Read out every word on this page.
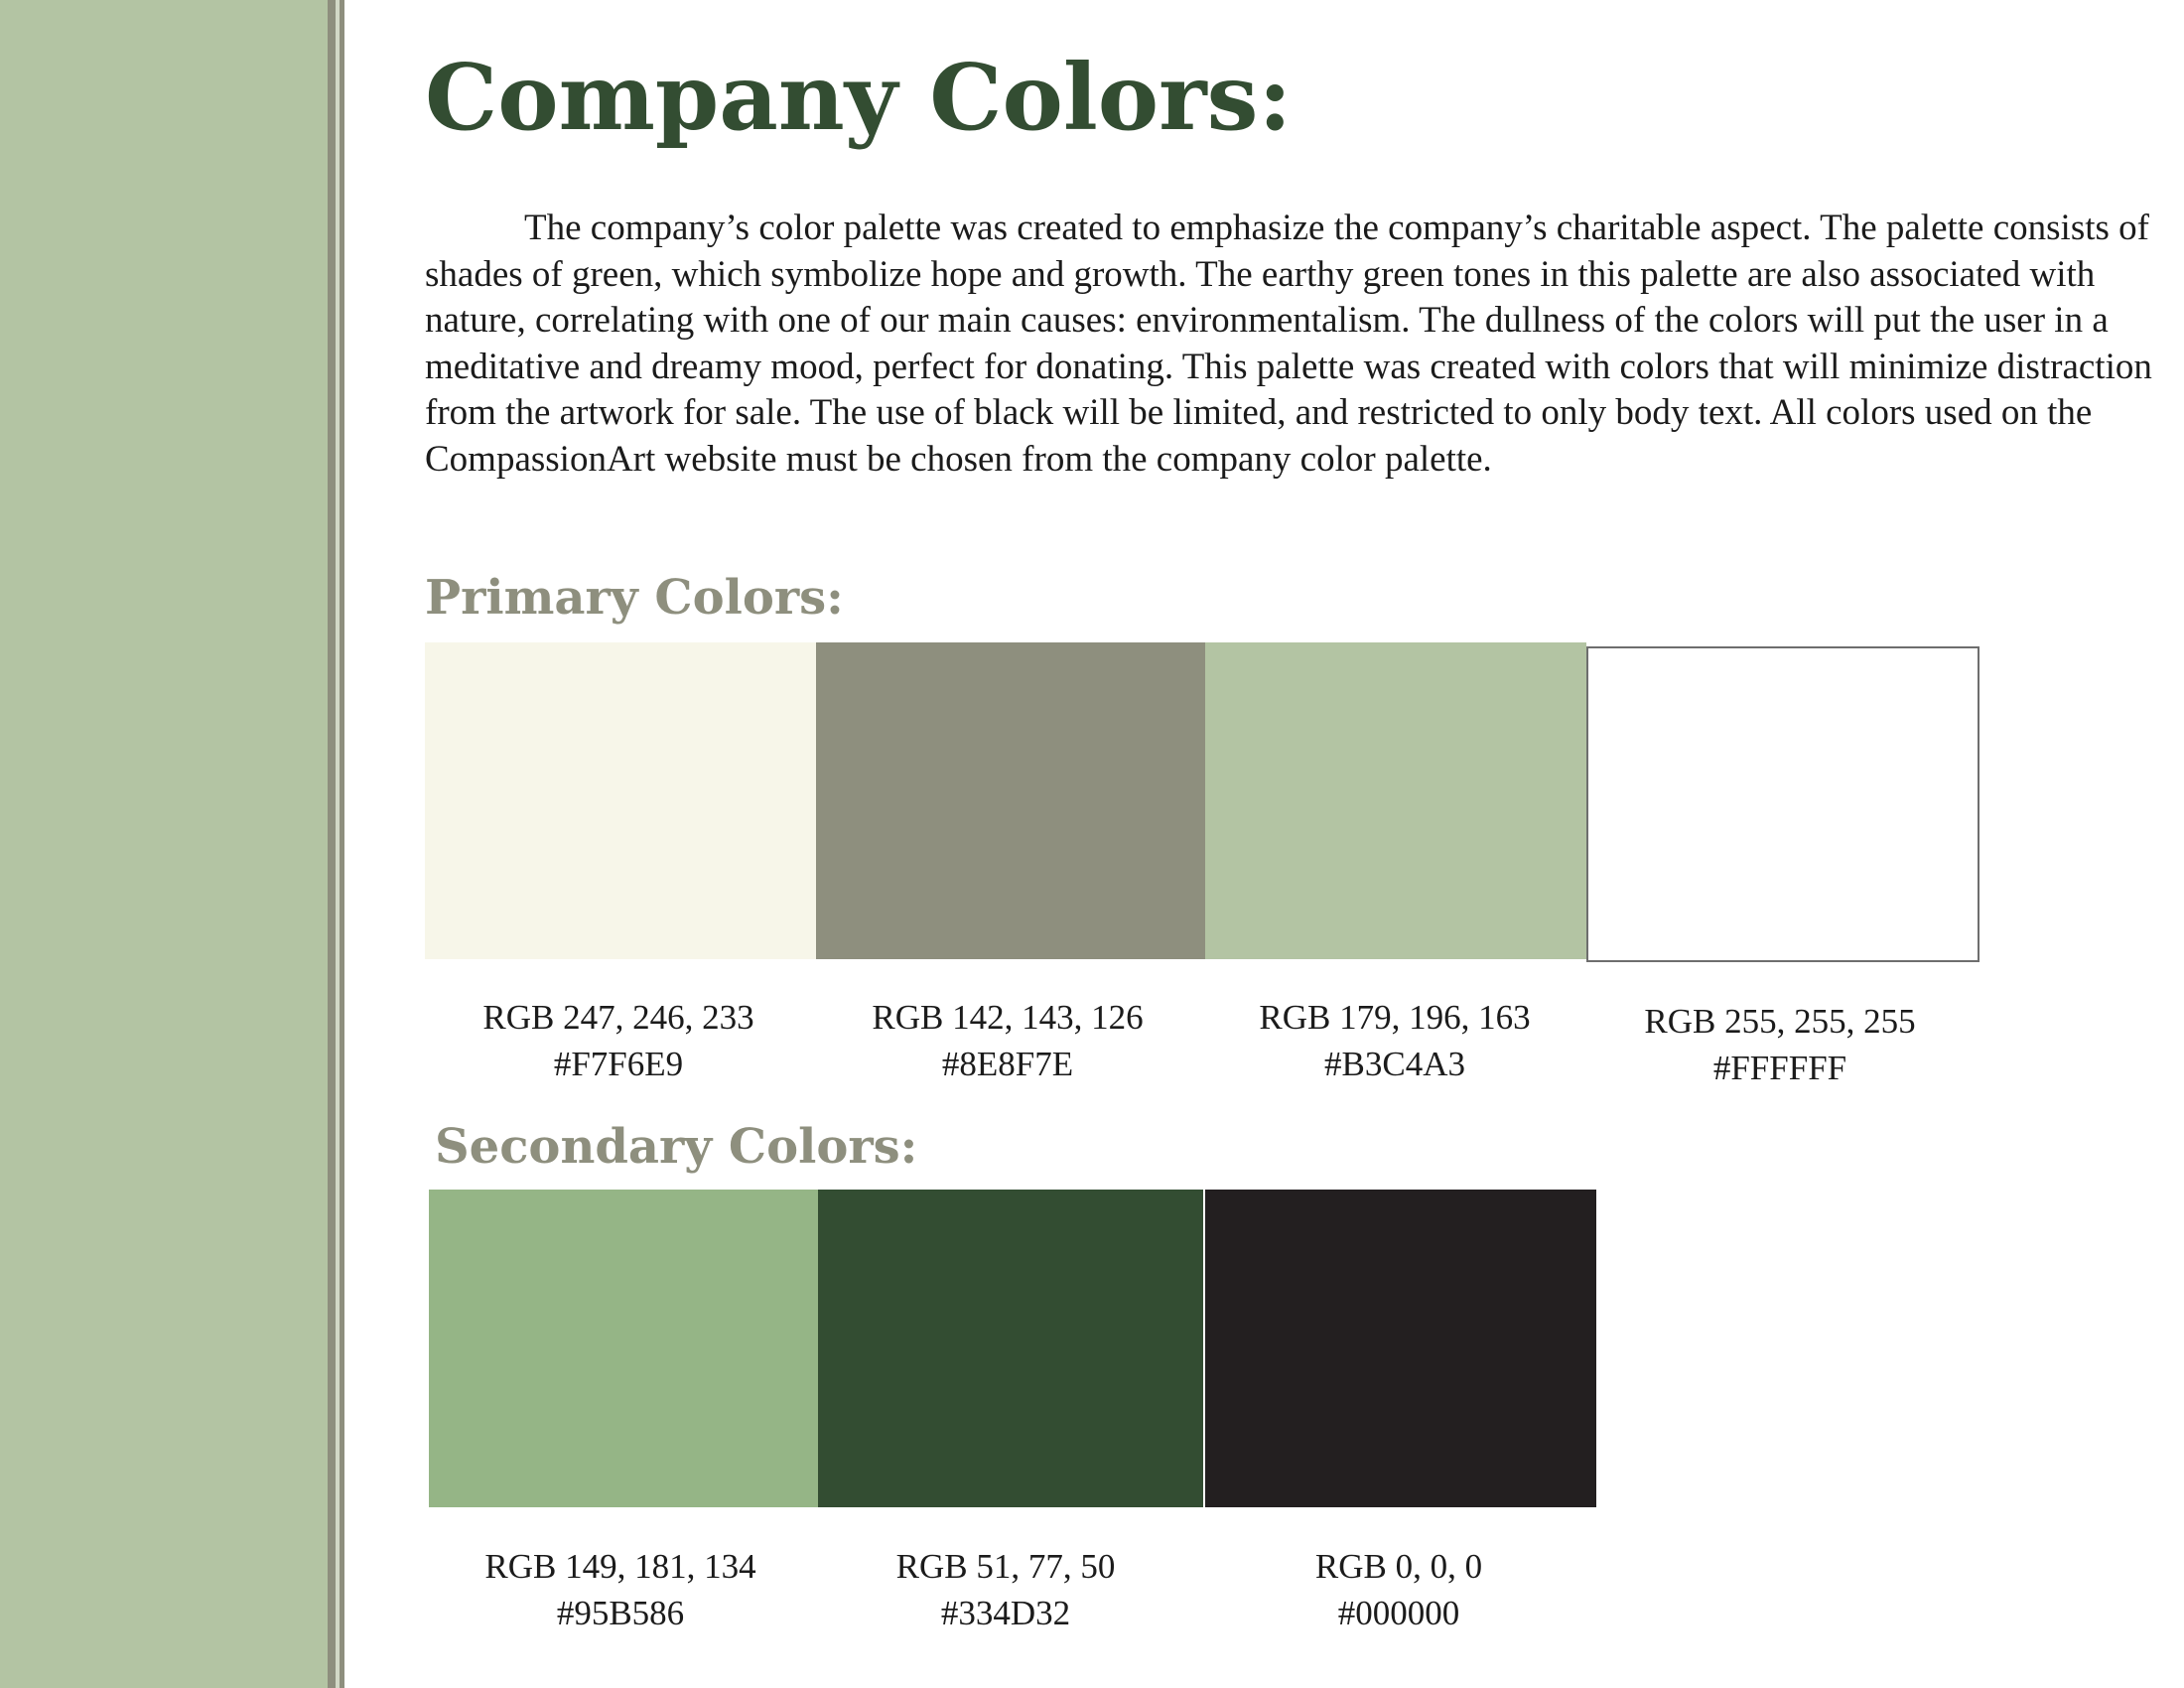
Company Colors:

The company’s color palette was created to emphasize the company’s charitable aspect. The palette consists of shades of green, which symbolize hope and growth. The earthy green tones in this palette are also associated with nature, correlating with one of our main causes: environmentalism. The dullness of the colors will put the user in a meditative and dreamy mood, perfect for donating. This palette was created with colors that will minimize distraction from the artwork for sale. The use of black will be limited, and restricted to only body text. All colors used on the CompassionArt website must be chosen from the company color palette.

Primary Colors:
RGB 247, 246, 233
#F7F6E9
RGB 142, 143, 126
#8E8F7E
RGB 179, 196, 163
#B3C4A3
RGB 255, 255, 255
#FFFFFF
Secondary Colors:
RGB 149, 181, 134
#95B586
RGB 51, 77, 50
#334D32
RGB 0, 0, 0
#000000
